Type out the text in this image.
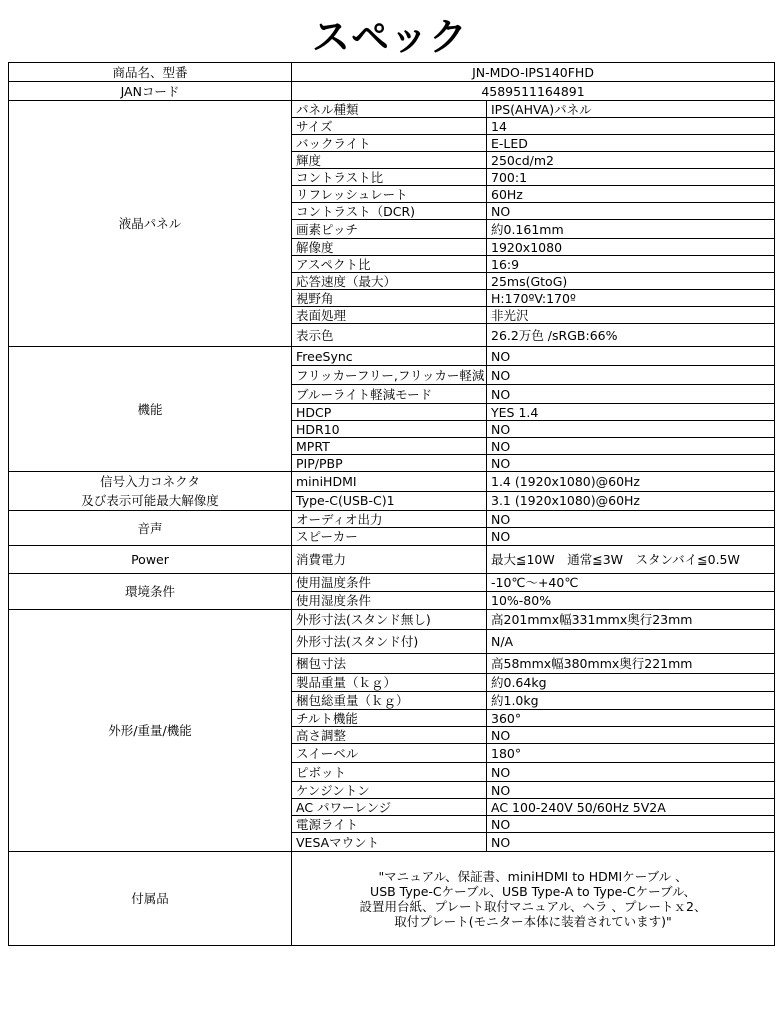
スペック
商品名、型番	JN-MDO-IPS140FHD	
JANコード	4589511164891	

液晶パネル	パネル種類	IPS(AHVA)パネル
	サイズ	14
	バックライト	E-LED
	輝度	250cd/m2
	コントラスト比	700:1
	リフレッシュレート	60Hz
	コントラスト（DCR)	NO
	画素ピッチ	約0.161mm
	解像度	1920x1080
	アスペクト比	16:9
	応答速度（最大）	25ms(GtoG)
	視野角	H:170ºV:170º
	表面処理	非光沢
	表示色	26.2万色 /sRGB:66%

機能	FreeSync	NO
	フリッカーフリー,フリッカー軽減	NO
	ブルーライト軽減モード	NO
	HDCP	YES 1.4
	HDR10	NO
	MPRT	NO
	PIP/PBP	NO

信号入力コネクタ
及び表示可能最大解像度	miniHDMI	1.4 (1920x1080)@60Hz
	Type-C(USB-C)1	3.1 (1920x1080)@60Hz

音声	オーディオ出力	NO
	スピーカー	NO

Power	消費電力	最大≦10W　通常≦3W　スタンバイ≦0.5W

環境条件	使用温度条件	-10℃～+40℃
	使用湿度条件	10%-80%

外形/重量/機能	外形寸法(スタンド無し)	高201mmx幅331mmx奥行23mm
	外形寸法(スタンド付)	N/A
	梱包寸法	高58mmx幅380mmx奥行221mm
	製品重量（ｋｇ）	約0.64kg
	梱包総重量（ｋｇ）	約1.0kg
	チルト機能	360°
	高さ調整	NO
	スイーベル	180°
	ピボット	NO
	ケンジントン	NO
	AC パワーレンジ	AC 100-240V 50/60Hz 5V2A
	電源ライト	NO
	VESAマウント	NO
付属品	"マニュアル、保証書、miniHDMI to HDMIケーブル 、
USB Type-Cケーブル、USB Type-A to Type-Cケーブル、
設置用台紙、プレート取付マニュアル、ヘラ 、プレートｘ2、
取付プレート(モニター本体に装着されています)"	
